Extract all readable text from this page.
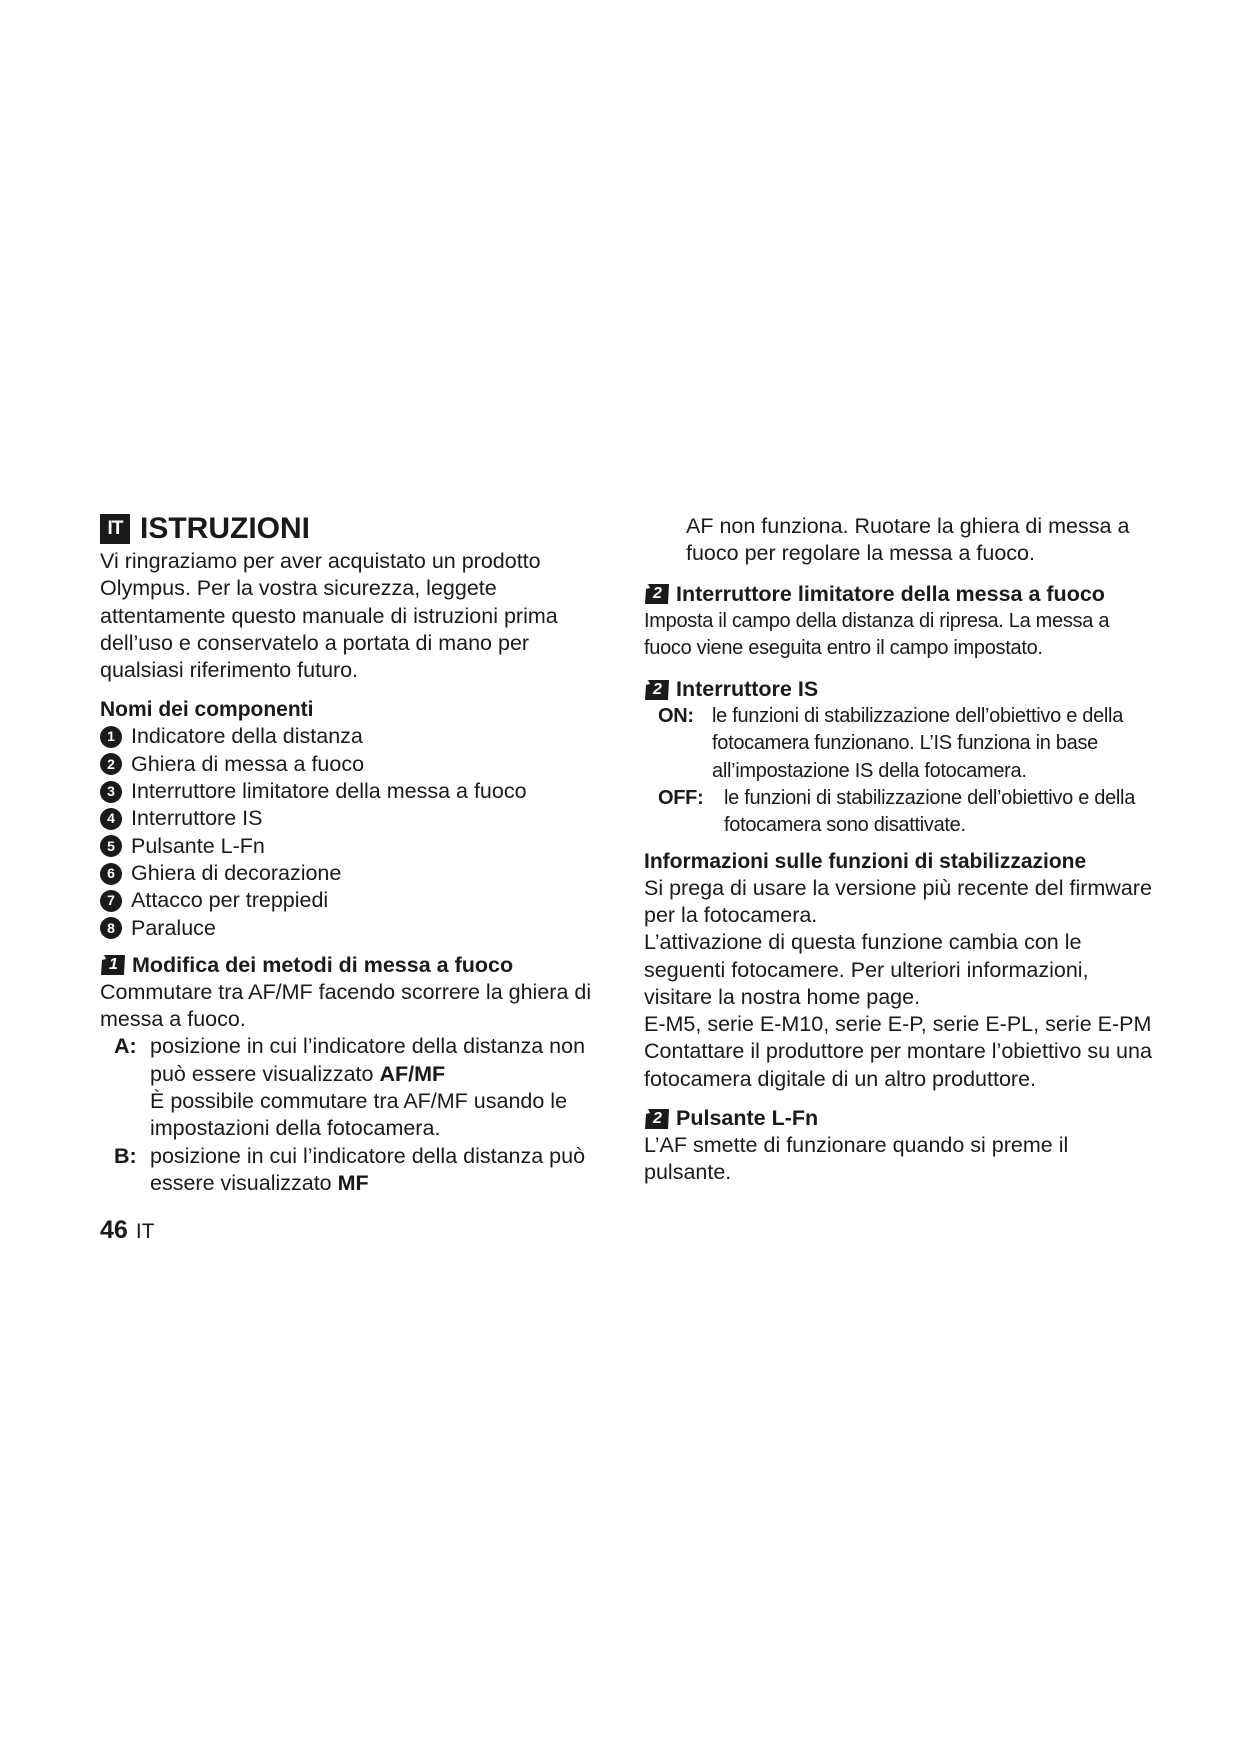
IT ISTRUZIONI

Vi ringraziamo per aver acquistato un prodotto Olympus. Per la vostra sicurezza, leggete attentamente questo manuale di istruzioni prima dell’uso e conservatelo a portata di mano per qualsiasi riferimento futuro.

Nomi dei componenti
1 Indicatore della distanza
2 Ghiera di messa a fuoco
3 Interruttore limitatore della messa a fuoco
4 Interruttore IS
5 Pulsante L-Fn
6 Ghiera di decorazione
7 Attacco per treppiedi
8 Paraluce
1 Modifica dei metodi di messa a fuoco

Commutare tra AF/MF facendo scorrere la ghiera di messa a fuoco.

A: posizione in cui l’indicatore della distanza non può essere visualizzato AF/MF
È possibile commutare tra AF/MF usando le impostazioni della fotocamera.
B: posizione in cui l’indicatore della distanza può essere visualizzato MF

AF non funziona. Ruotare la ghiera di messa a fuoco per regolare la messa a fuoco.

2 Interruttore limitatore della messa a fuoco

Imposta il campo della distanza di ripresa. La messa a fuoco viene eseguita entro il campo impostato.

2 Interruttore IS
ON: le funzioni di stabilizzazione dell’obiettivo e della fotocamera funzionano. L’IS funziona in base all’impostazione IS della fotocamera.
OFF:	le funzioni di stabilizzazione dell’obiettivo e della fotocamera sono disattivate.
Informazioni sulle funzioni di stabilizzazione

Si prega di usare la versione più recente del firmware per la fotocamera.

L’attivazione di questa funzione cambia con le seguenti fotocamere. Per ulteriori informazioni, visitare la nostra home page.

E-M5, serie E-M10, serie E-P, serie E-PL, serie E-PM

Contattare il produttore per montare l’obiettivo su una fotocamera digitale di un altro produttore.

2 Pulsante L-Fn

L’AF smette di funzionare quando si preme il pulsante.

46 IT
